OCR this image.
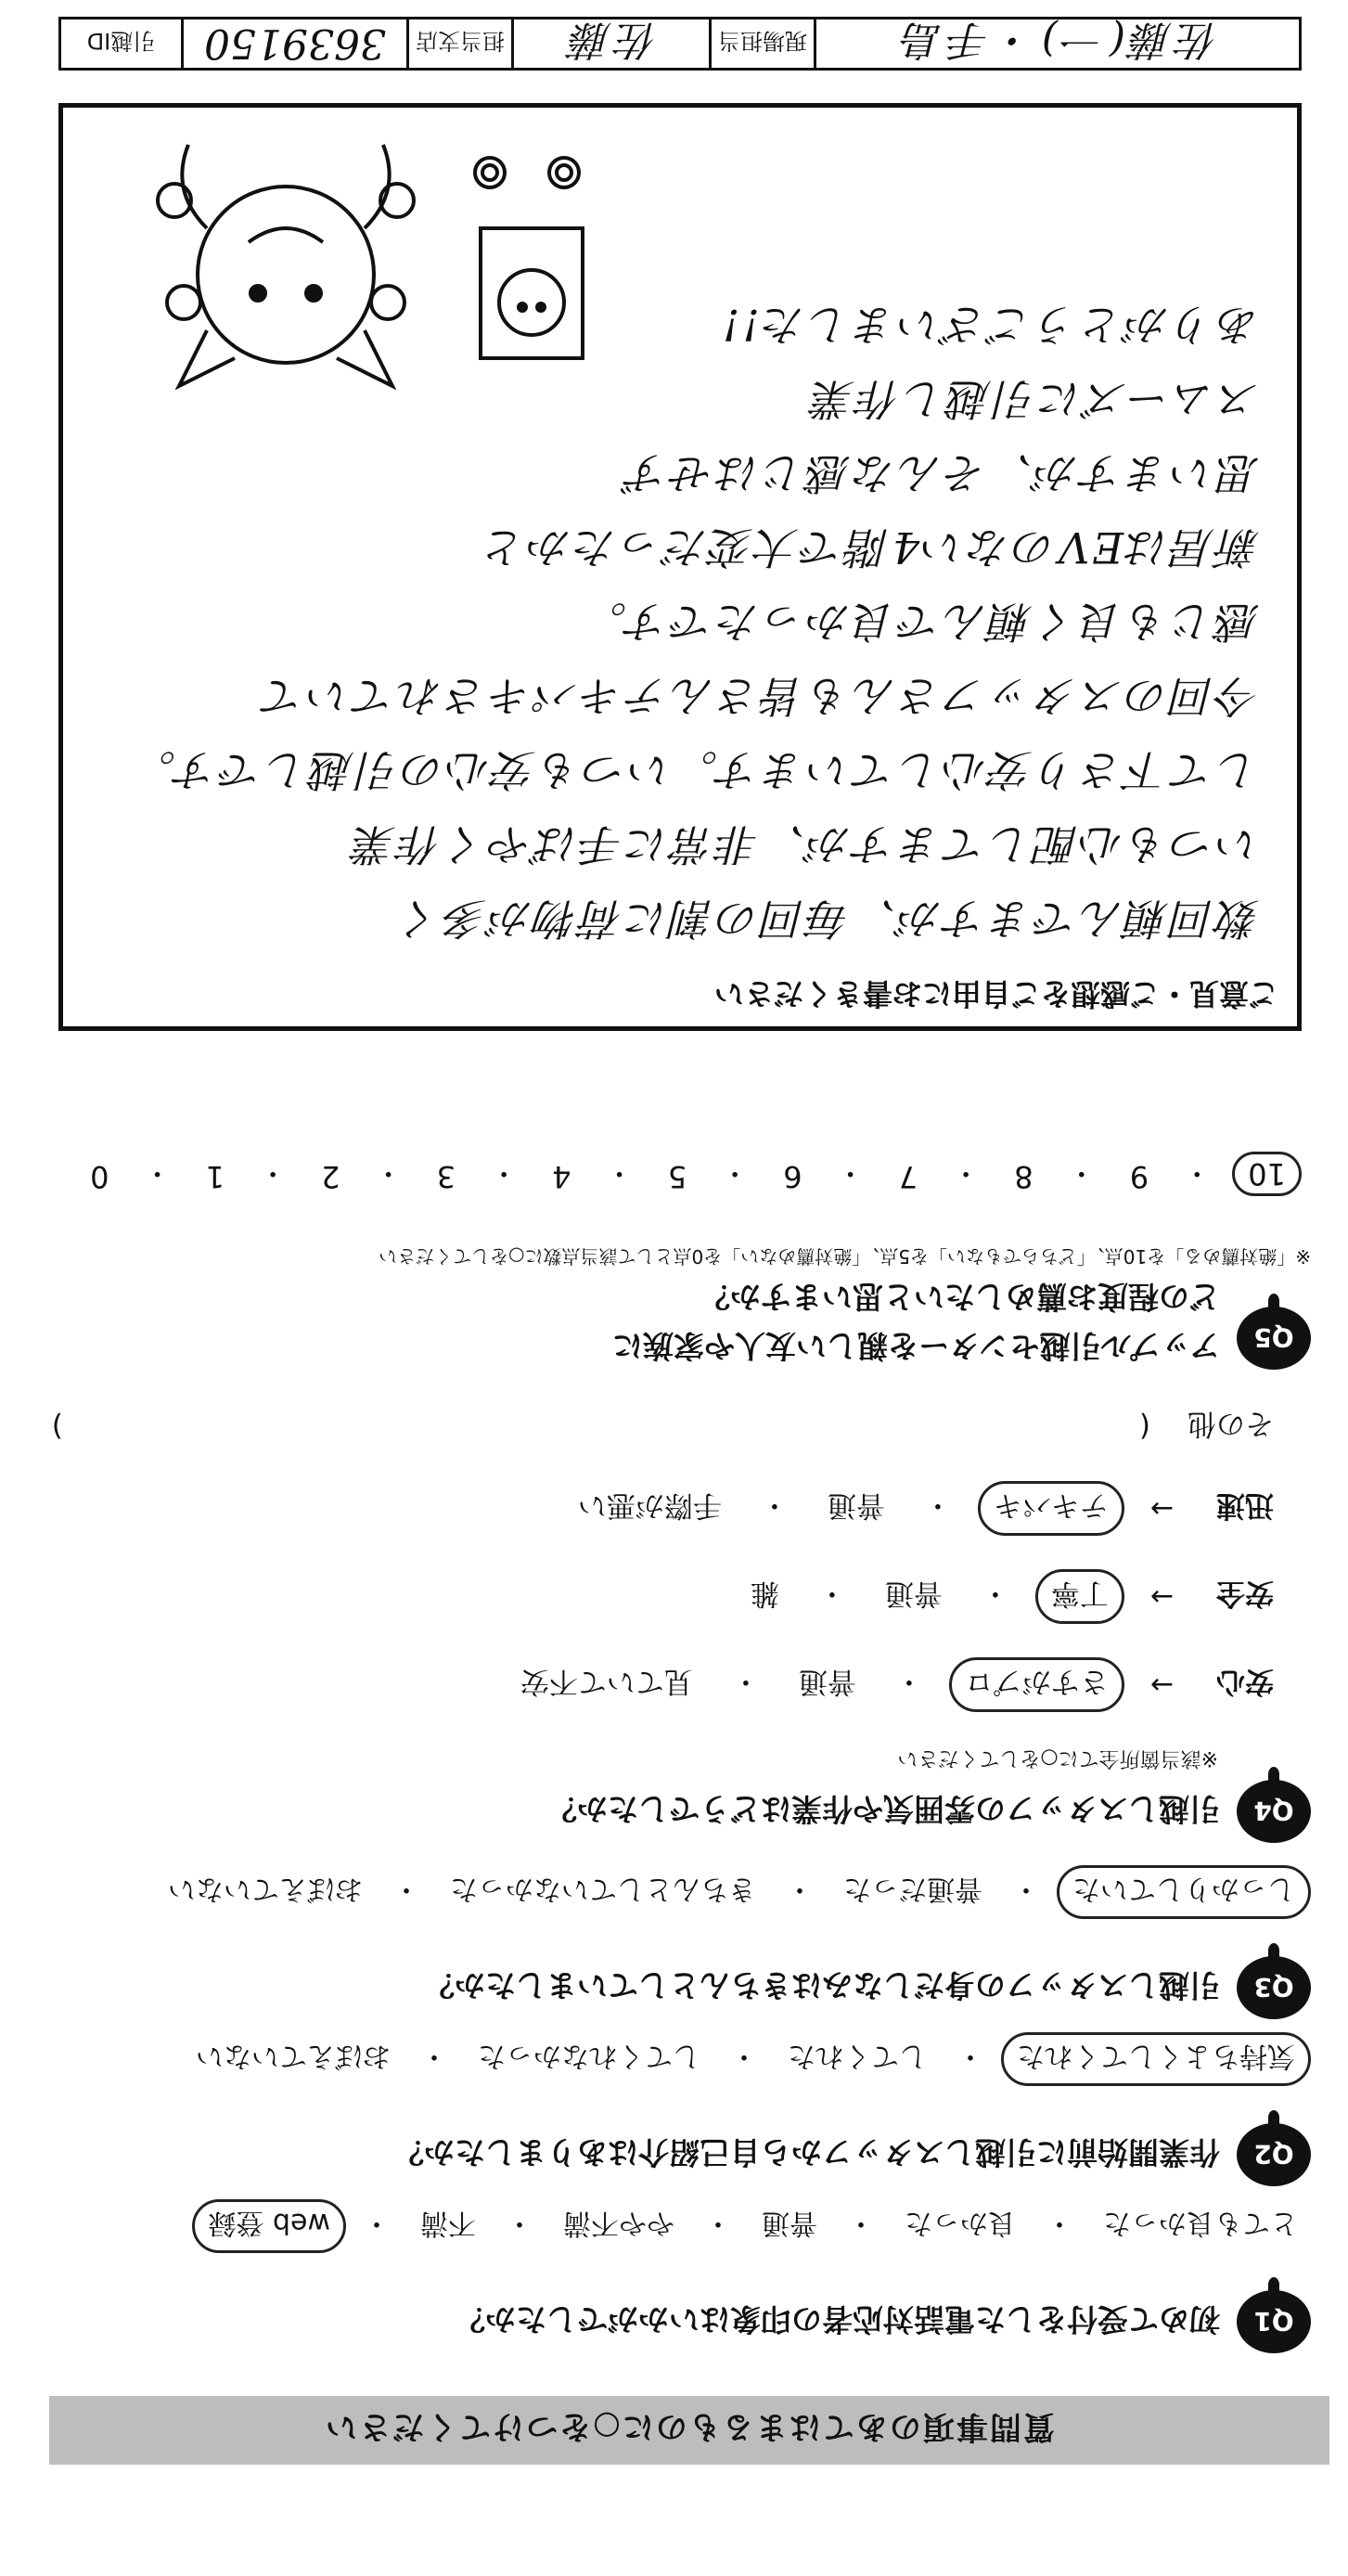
質問事項のあてはまるものに○をつけてください
Q1
初めて受付をした電話対応者の印象はいかがでしたか？
とても良かった
・
良かった
・
普通
・
やや不満
・
不満
・
web 登録
Q2
作業開始前に引越しスタッフから自己紹介はありましたか？
気持ちよくしてくれた
・
してくれた
・
してくれなかった
・
おぼえていない
Q3
引越しスタッフの身だしなみはきちんとしていましたか？
しっかりしていた
・
普通だった
・
きちんとしていなかった
・
おぼえていない
Q4
引越しスタッフの雰囲気や作業はどうでしたか？
※該当箇所全てに○をしてください
安心
→
さすがプロ
・
普通
・
見ていて不安
安全
→
丁寧
・
普通
・
雑
迅速
→
テキパキ
・
普通
・
手際が悪い
その他
(
)
Q5
アップル引越センターを親しい友人や家族に
どの程度お薦めしたいと思いますか？
※「絶対薦める」を10点、「どちらでもない」を5点、「絶対薦めない」を0点として該当点数に○をしてください
10
・
9
・
8
・
7
・
6
・
5
・
4
・
3
・
2
・
1
・
0
ご意見・ご感想をご自由にお書きください
数回頼んでますが、毎回の割に荷物が多く
いつも心配してますが、非常に手ばやく作業
して下さり安心しています。いつも安心の引越しです。
今回のスタッフさんも皆さんテキパキされていて
感じも良く頼んで良かったです。
新居はEVのない4階で大変だったかと
思いますが、そんな感じはせず
スムーズに引越し作業
ありがとうございました!!
佐藤(一)・手島
現場担当
佐藤
担当支店
3639150
引越ID
